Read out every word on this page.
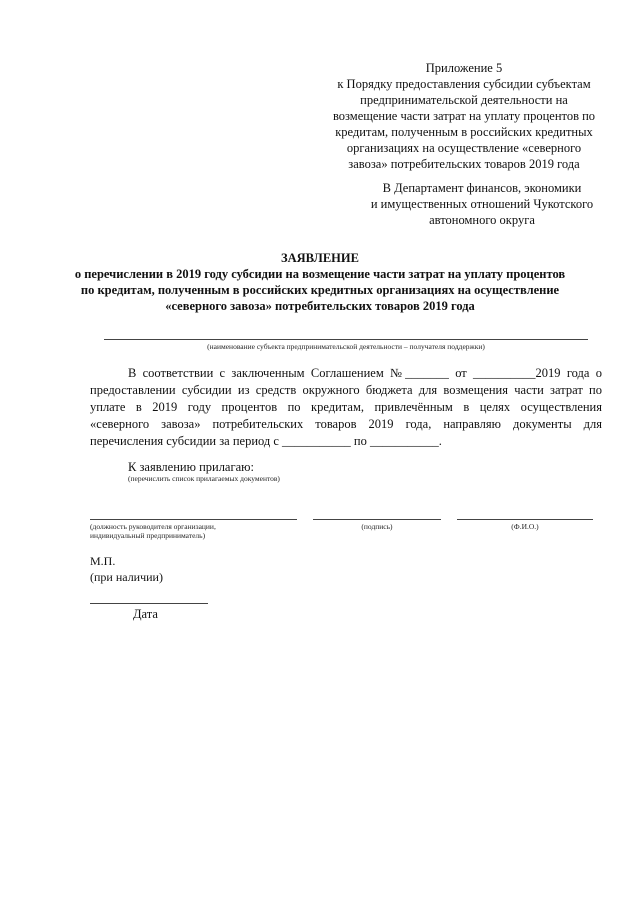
Приложение 5
к Порядку предоставления субсидии субъектам
предпринимательской деятельности на
возмещение части затрат на уплату процентов по
кредитам, полученным в российских кредитных
организациях на осуществление «северного
завоза» потребительских товаров 2019 года
В Департамент финансов, экономики
и имущественных отношений Чукотского
автономного округа
ЗАЯВЛЕНИЕ
о перечислении в 2019 году субсидии на возмещение части затрат на уплату процентов
по кредитам, полученным в российских кредитных организациях на осуществление
«северного завоза» потребительских товаров 2019 года
(наименование субъекта предпринимательской деятельности – получателя поддержки)
В соответствии с заключенным Соглашением №_______ от __________2019 года о
предоставлении субсидии из средств окружного бюджета для возмещения части затрат по
уплате в 2019 году процентов по кредитам, привлечённым в целях осуществления
«северного завоза» потребительских товаров 2019 года, направляю документы для
перечисления субсидии за период с ___________ по ___________.
К заявлению прилагаю:
(перечислить список прилагаемых документов)
(должность руководителя организации,
индивидуальный предприниматель)
(подпись)	(Ф.И.О.)
М.П.
(при наличии)
Дата
